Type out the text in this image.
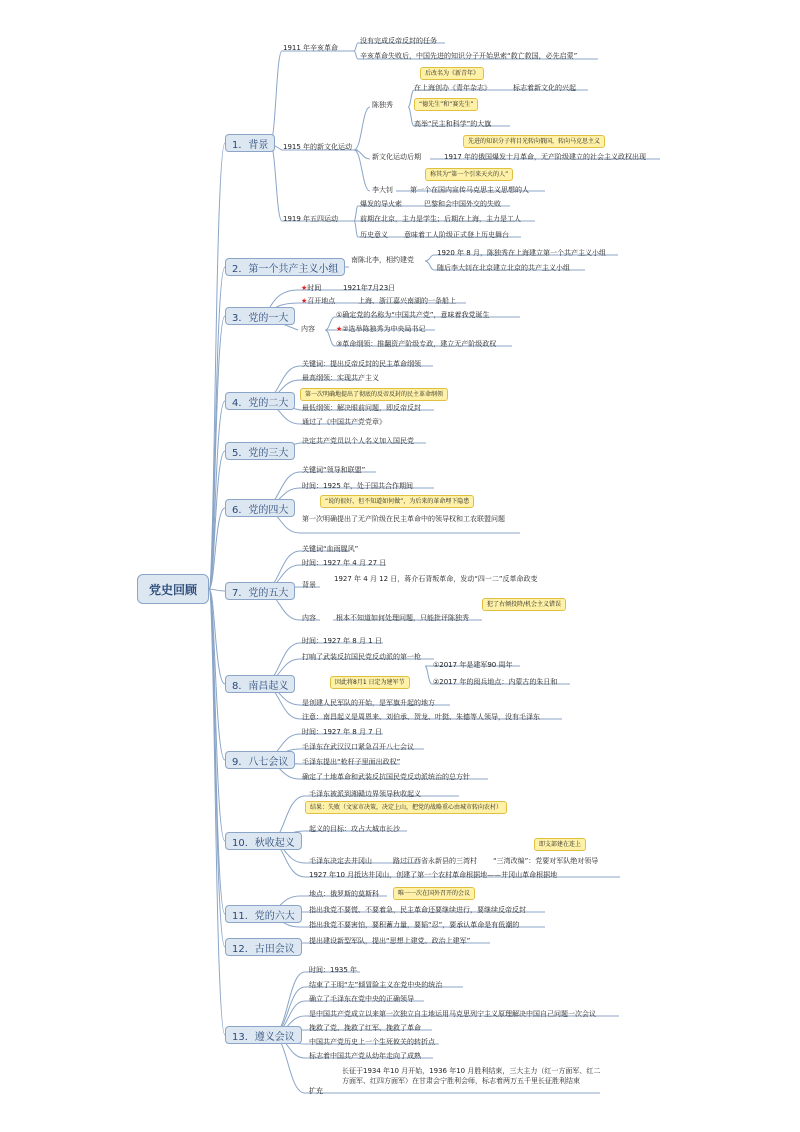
党史回顾
1．背景
1911 年辛亥革命
没有完成反帝反封的任务
辛亥革命失败后，中国先进的知识分子开始思索“救亡救国，必先启蒙”
后改名为《新青年》
1915 年的新文化运动
陈独秀
在上海创办《青年杂志》	标志着新文化的兴起
“德先生”和“赛先生”
高举“民主和科学”的大旗
先进的知识分子将目光转向俄国，转向马克思主义
新文化运动后期	1917 年的俄国爆发十月革命，无产阶级建立的社会主义政权出现
称其为“第一个引来天火的人”
李大钊 第一个在国内宣传马克思主义思想的人
1919 年五四运动
爆发的导火索	巴黎和会中国外交的失败
前期在北京，主力是学生；后期在上海，主力是工人
历史意义 意味着工人阶级正式登上历史舞台
2．第一个共产主义小组
南陈北李，相约建党
1920 年 8 月，陈独秀在上海建立第一个共产主义小组
随后李大钊在北京建立北京的共产主义小组
3．党的一大
★时间	1921年7月23日
★召开地点	上海、浙江嘉兴南湖的一条船上
内容
①确定党的名称为“中国共产党”，意味着我党诞生
★②选举陈独秀为中央局书记
③革命纲领：推翻资产阶级专政，建立无产阶级政权
4．党的二大
关键词：提出反帝反封的民主革命纲领
最高纲领：实现共产主义
第一次明确地提出了彻底的反帝反封的民主革命纲领
最低纲领：解决眼前问题，即反帝反封
通过了《中国共产党党章》
5．党的三大
决定共产党员以个人名义加入国民党
6．党的四大
关键词“领导和联盟”
时间：1925 年，处于国共合作期间
“说的很好，但不知道如何做”，为后来的革命埋下隐患
第一次明确提出了无产阶级在民主革命中的领导权和工农联盟问题
7．党的五大
关键词“血雨腥风”
时间：1927 年 4 月 27 日
背景
1927 年 4 月 12 日，蒋介石背叛革命，发动“四一二”反革命政变
犯了右倾投降/机会主义错误
内容	根本不知道如何处理问题，只能批评陈独秀
8．南昌起义
时间：1927 年 8 月 1 日
打响了武装反抗国民党反动派的第一枪
因此将8月1 日定为建军节
①2017 年是建军90 周年
②2017 年的阅兵地点：内蒙古的朱日和
是创建人民军队的开始，是军旗升起的地方
注意：南昌起义是周恩来、刘伯承、贺龙、叶挺、朱德等人领导，没有毛泽东
9．八七会议
时间：1927 年 8 月 7 日
毛泽东在武汉汉口紧急召开八七会议
毛泽东提出“枪杆子里面出政权”
确定了土地革命和武装反抗国民党反动派统治的总方针
10．秋收起义
毛泽东被派到湘赣边界领导秋收起义
结果：失败（文家市决策，决定上山，把党的战略重心由城市转向农村）
起义的目标：攻占大城市长沙
即支部建在连上
毛泽东决定去井冈山	路过江西省永新县的三湾村 “三湾改编”：党要对军队绝对领导
1927 年10 月抵达井冈山，创建了第一个农村革命根据地——井冈山革命根据地
11．党的六大
地点：俄罗斯的莫斯科	唯一一次在国外召开的会议
指出我党不要慌、不要着急，民主革命还要继续进行，要继续反帝反封
指出我党不要害怕，要积蓄力量，要韬“忍”，要承认革命是有低潮的
12．古田会议
提出建设新型军队，提出“思想上建党、政治上建军”
13．遵义会议
时间：1935 年
结束了王明“左”倾冒险主义在党中央的统治
确立了毛泽东在党中央的正确领导
是中国共产党成立以来第一次独立自主地运用马克思列宁主义原理解决中国自己问题一次会议
挽救了党、挽救了红军、挽救了革命
中国共产党历史上一个生死攸关的转折点
标志着中国共产党从幼年走向了成熟
扩充
长征于1934 年10 月开始，1936 年10 月胜利结束，三大主力（红一方面军、红二方面军、红四方面军）在甘肃会宁胜利会师，标志着两万五千里长征胜利结束
